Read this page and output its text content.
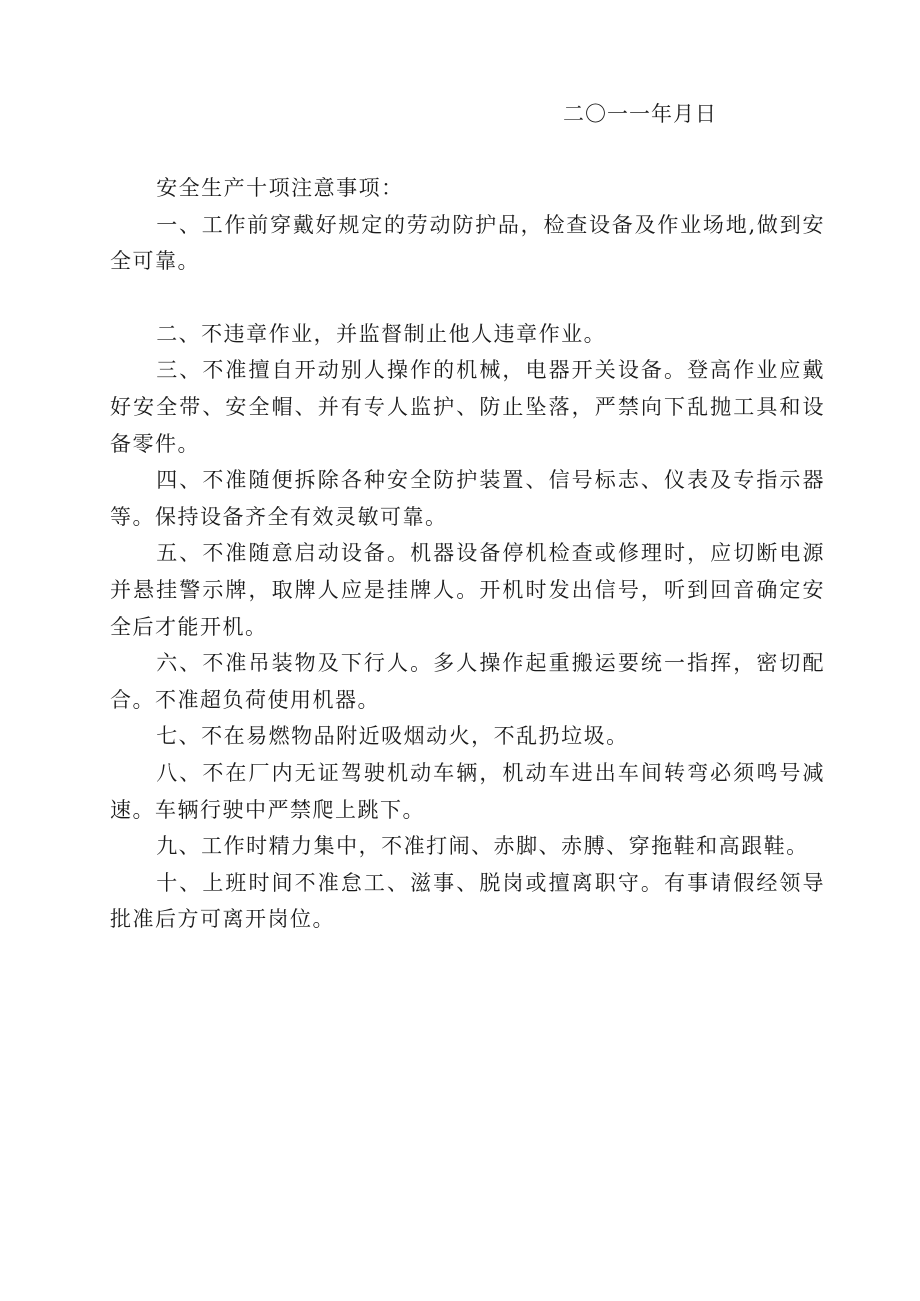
二〇一一年月日

安全生产十项注意事项：

一、工作前穿戴好规定的劳动防护品，检查设备及作业场地,做到安全可靠。

二、不违章作业，并监督制止他人违章作业。

三、不准擅自开动别人操作的机械，电器开关设备。登高作业应戴好安全带、安全帽、并有专人监护、防止坠落，严禁向下乱抛工具和设备零件。

四、不准随便拆除各种安全防护装置、信号标志、仪表及专指示器等。保持设备齐全有效灵敏可靠。

五、不准随意启动设备。机器设备停机检查或修理时，应切断电源并悬挂警示牌，取牌人应是挂牌人。开机时发出信号，听到回音确定安全后才能开机。

六、不准吊装物及下行人。多人操作起重搬运要统一指挥，密切配合。不准超负荷使用机器。

七、不在易燃物品附近吸烟动火，不乱扔垃圾。

八、不在厂内无证驾驶机动车辆，机动车进出车间转弯必须鸣号减速。车辆行驶中严禁爬上跳下。

九、工作时精力集中，不准打闹、赤脚、赤膊、穿拖鞋和高跟鞋。

十、上班时间不准怠工、滋事、脱岗或擅离职守。有事请假经领导批准后方可离开岗位。
